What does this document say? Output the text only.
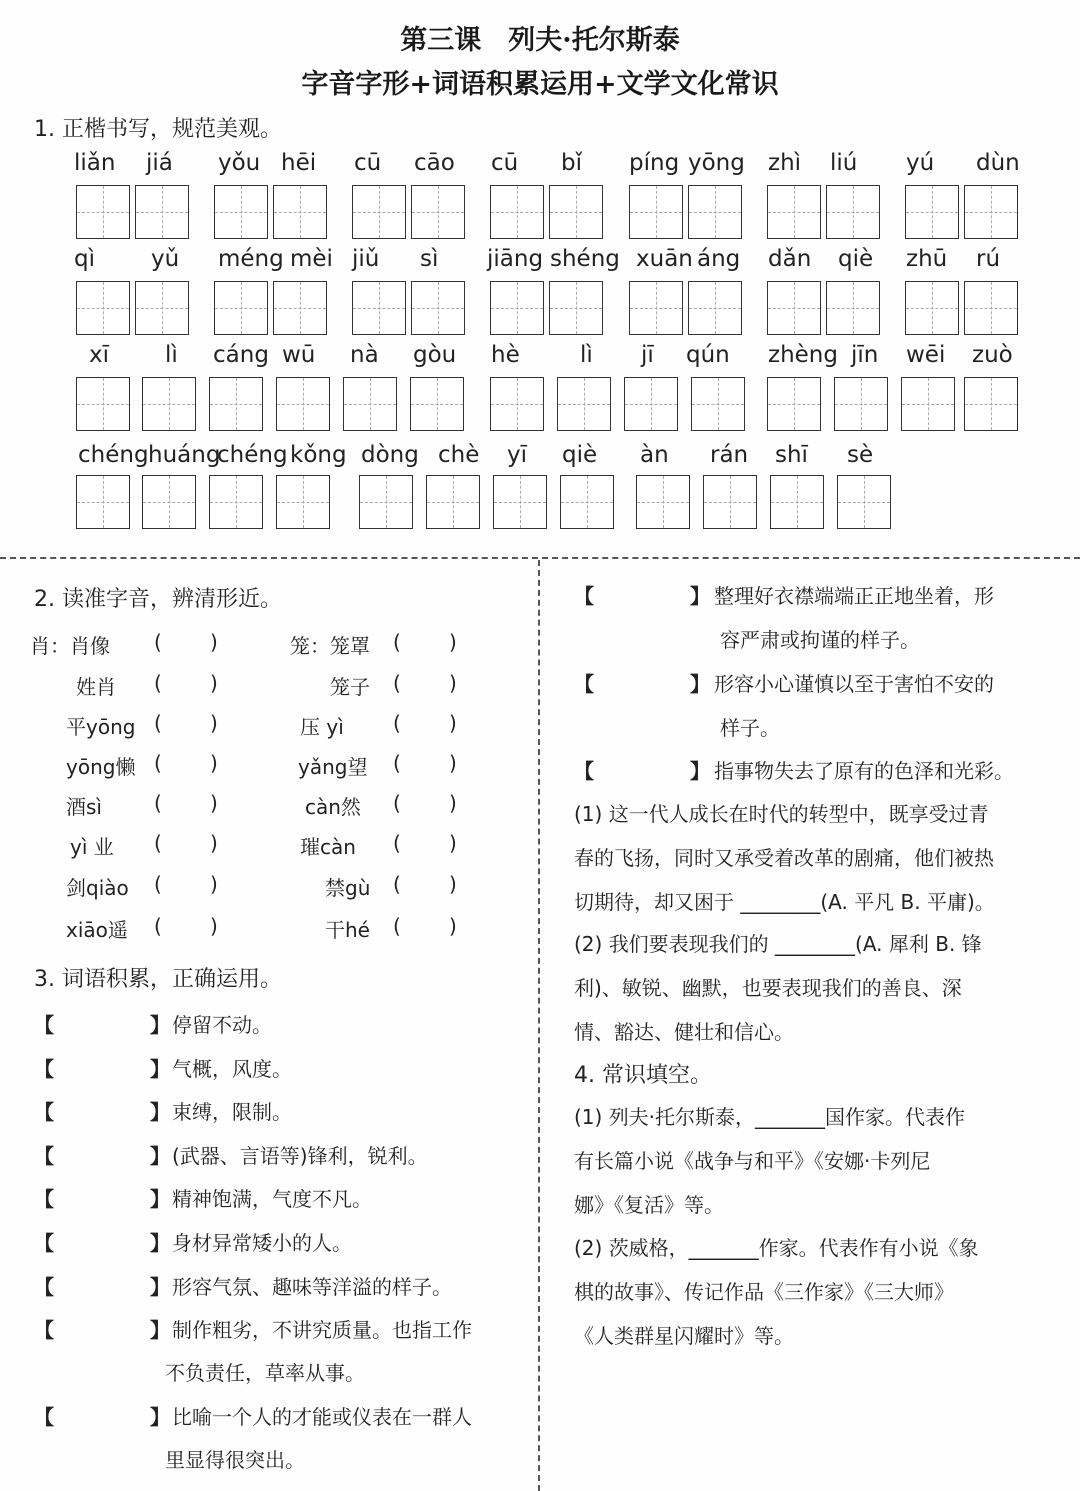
第三课　列夫·托尔斯泰
字音字形+词语积累运用+文学文化常识
1. 正楷书写，规范美观。
liǎn jiá yǒu hēi cū cāo cū bǐ píng yōng zhì liú yú dùn
qì yǔ méng mèi jiǔ sì jiāng shéng xuān áng dǎn qiè zhū rú
xī lì cáng wū nà gòu hè	lì jī qún zhèng jīn wēi zuò
chéng huáng
chéng kǒng dòng chè yī qiè àn rán shī sè
2. 读准字音，辨清形近。
肖：肖像 ( )	笼：笼罩 ( )
姓肖 ( )	笼子 ( )
平yōng ( )	压 yì ( )
yōng懒 ( )	yǎng望 ( )
酒sì	( )	càn然 ( )
yì 业 ( )	璀càn ( )
剑qiào ( )	禁gù ( )
xiāo遥 ( )	干hé ( )
3. 词语积累，正确运用。
【	】 停留不动。
【	】 气概，风度。
【	】 束缚，限制。
【	】 (武器、言语等)锋利，锐利。
【	】 精神饱满，气度不凡。
【	】 身材异常矮小的人。
【	】 形容气氛、趣味等洋溢的样子。
【	】 制作粗劣，不讲究质量。也指工作
不负责任，草率从事。
【	】 比喻一个人的才能或仪表在一群人
里显得很突出。
【	】 整理好衣襟端端正正地坐着，形
容严肃或拘谨的样子。
【	】 形容小心谨慎以至于害怕不安的
样子。
【	】 指事物失去了原有的色泽和光彩。
(1) 这一代人成长在时代的转型中，既享受过青
春的飞扬，同时又承受着改革的剧痛，他们被热
切期待，却又困于 ________(A. 平凡 B. 平庸)。
(2) 我们要表现我们的 ________(A. 犀利 B. 锋
利)、敏锐、幽默，也要表现我们的善良、深
情、豁达、健壮和信心。
4. 常识填空。
(1) 列夫·托尔斯泰，_______国作家。代表作
有长篇小说《战争与和平》《安娜·卡列尼
娜》《复活》等。
(2) 茨威格，_______作家。代表作有小说《象
棋的故事》、传记作品《三作家》《三大师》
《人类群星闪耀时》等。
